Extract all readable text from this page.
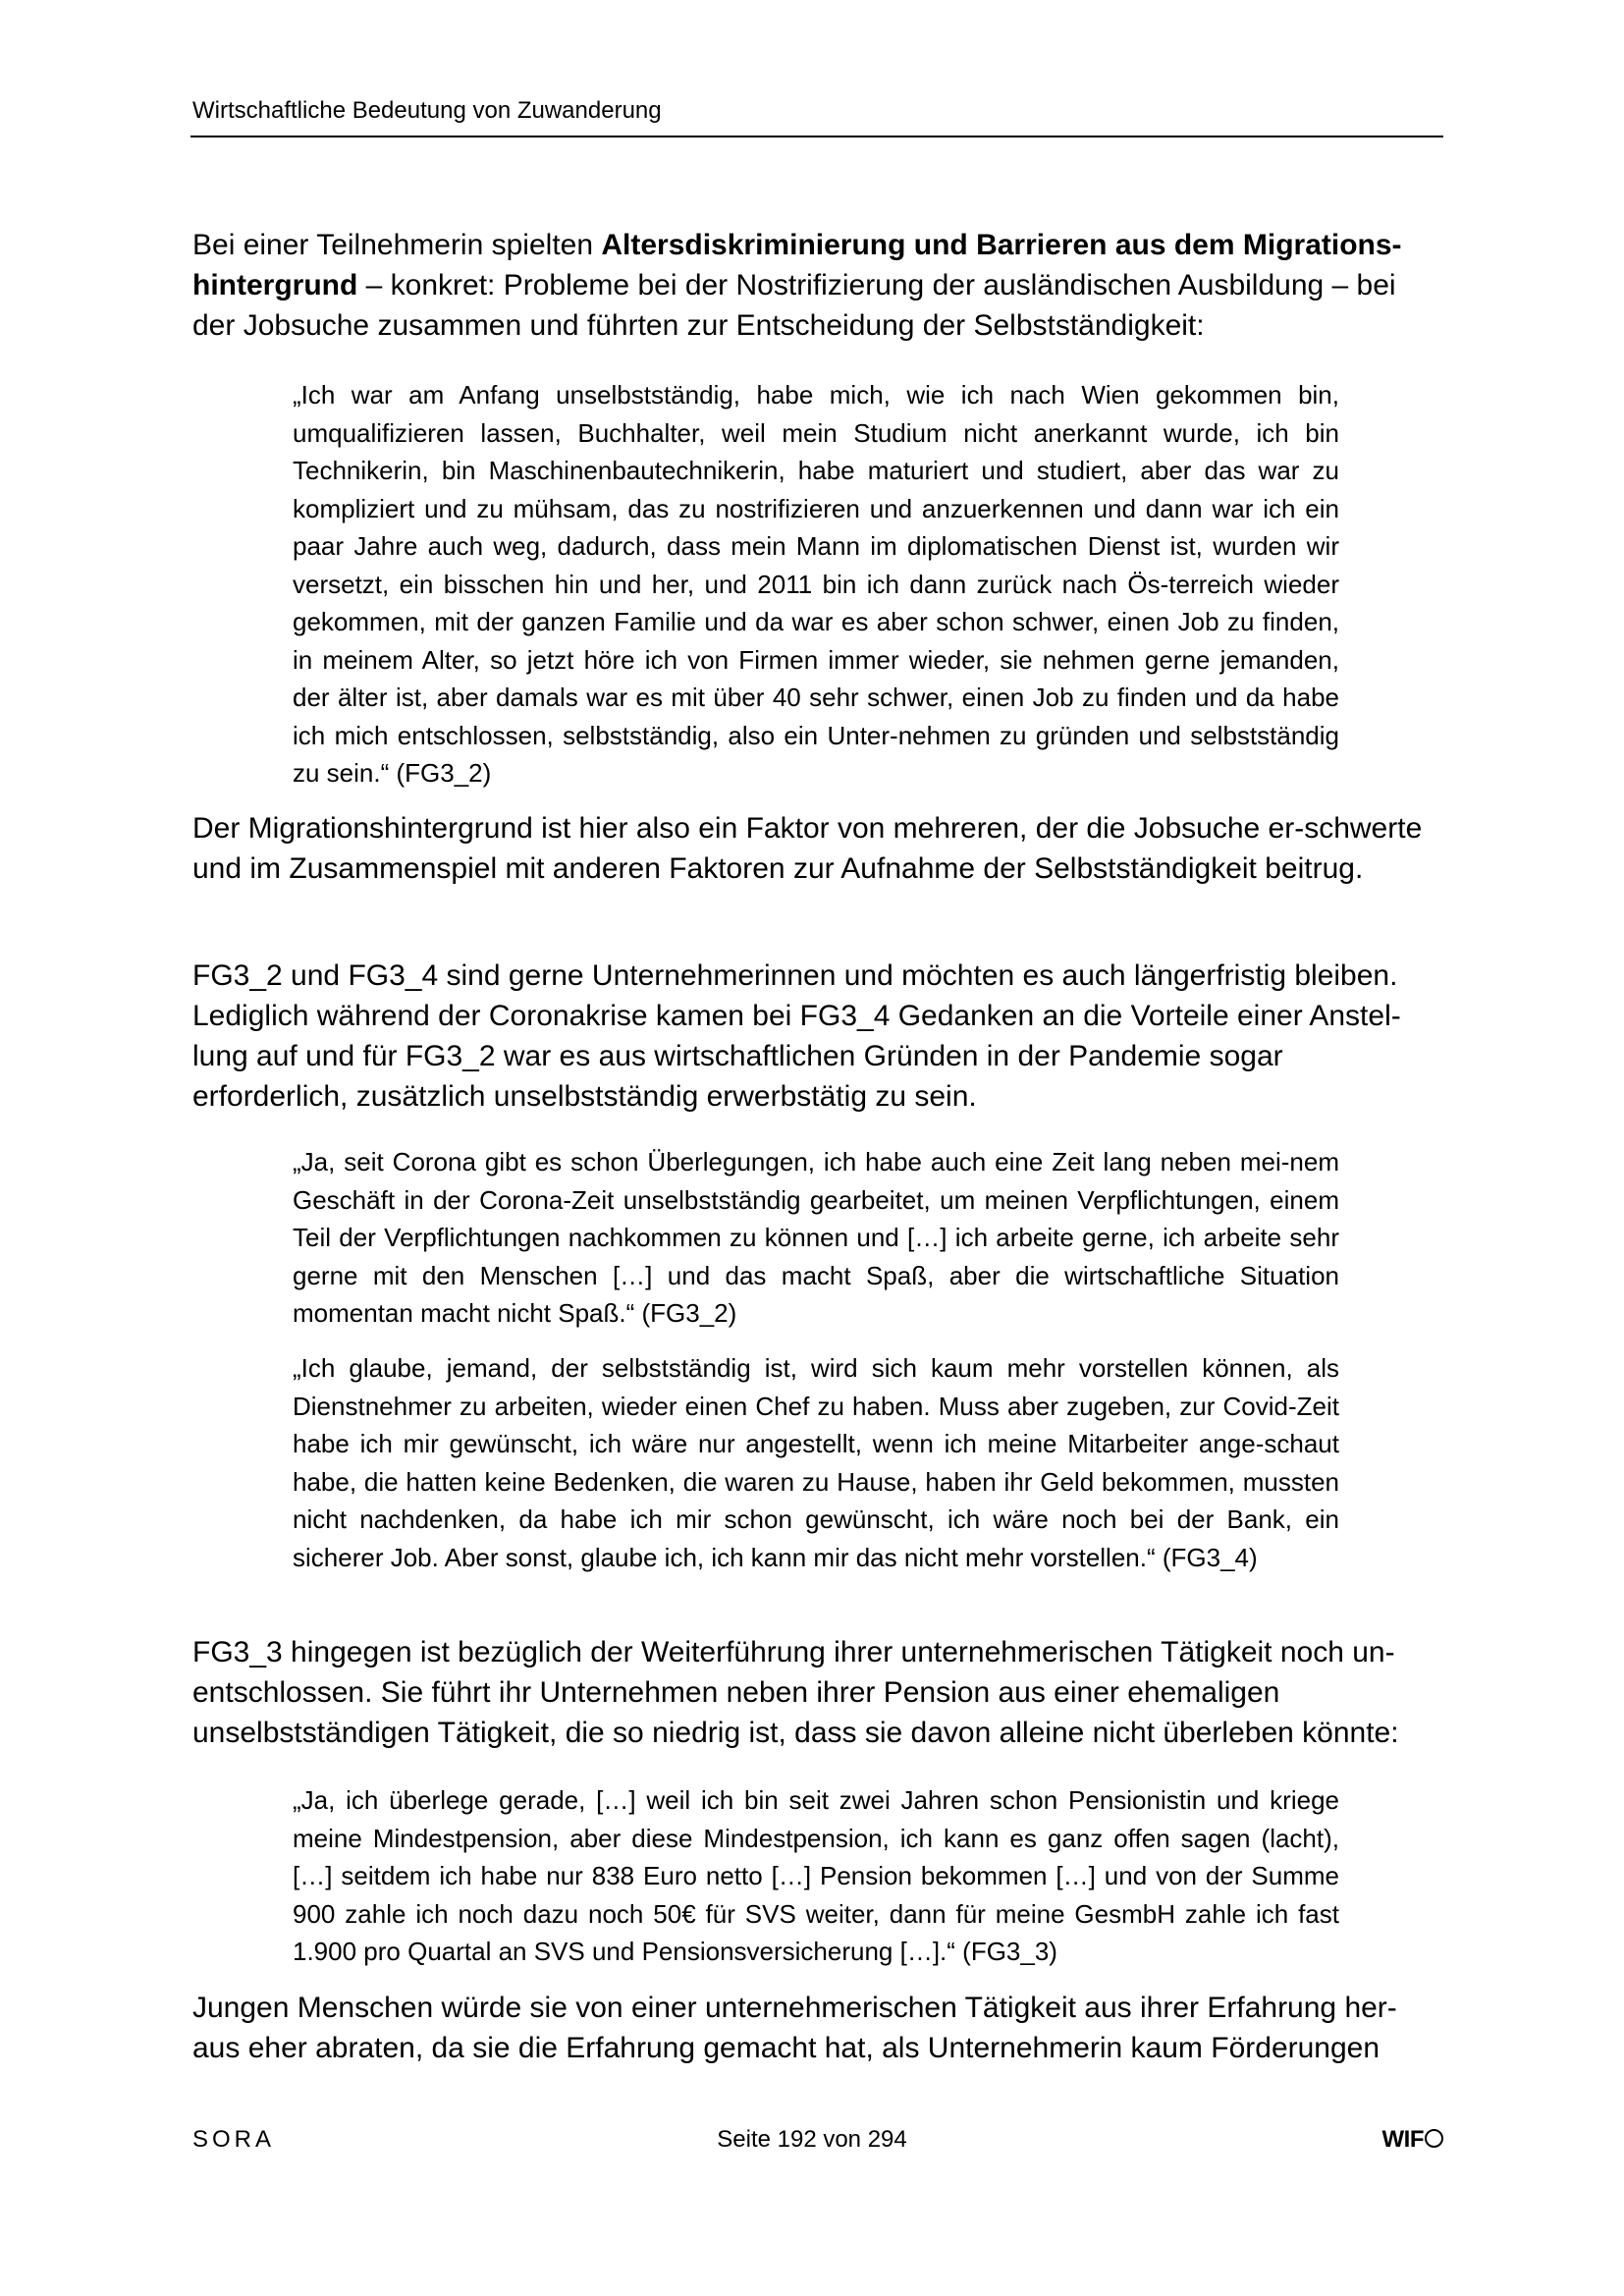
Wirtschaftliche Bedeutung von Zuwanderung

Bei einer Teilnehmerin spielten Altersdiskriminierung und Barrieren aus dem Migrations-hintergrund – konkret: Probleme bei der Nostrifizierung der ausländischen Ausbildung – bei der Jobsuche zusammen und führten zur Entscheidung der Selbstständigkeit:

„Ich war am Anfang unselbstständig, habe mich, wie ich nach Wien gekommen bin, umqualifizieren lassen, Buchhalter, weil mein Studium nicht anerkannt wurde, ich bin Technikerin, bin Maschinenbautechnikerin, habe maturiert und studiert, aber das war zu kompliziert und zu mühsam, das zu nostrifizieren und anzuerkennen und dann war ich ein paar Jahre auch weg, dadurch, dass mein Mann im diplomatischen Dienst ist, wurden wir versetzt, ein bisschen hin und her, und 2011 bin ich dann zurück nach Ös-terreich wieder gekommen, mit der ganzen Familie und da war es aber schon schwer, einen Job zu finden, in meinem Alter, so jetzt höre ich von Firmen immer wieder, sie nehmen gerne jemanden, der älter ist, aber damals war es mit über 40 sehr schwer, einen Job zu finden und da habe ich mich entschlossen, selbstständig, also ein Unter-nehmen zu gründen und selbstständig zu sein.“ (FG3_2)

Der Migrationshintergrund ist hier also ein Faktor von mehreren, der die Jobsuche er-schwerte und im Zusammenspiel mit anderen Faktoren zur Aufnahme der Selbstständigkeit beitrug.

FG3_2 und FG3_4 sind gerne Unternehmerinnen und möchten es auch längerfristig bleiben. Lediglich während der Coronakrise kamen bei FG3_4 Gedanken an die Vorteile einer Anstel-lung auf und für FG3_2 war es aus wirtschaftlichen Gründen in der Pandemie sogar erforderlich, zusätzlich unselbstständig erwerbstätig zu sein.

„Ja, seit Corona gibt es schon Überlegungen, ich habe auch eine Zeit lang neben mei-nem Geschäft in der Corona-Zeit unselbstständig gearbeitet, um meinen Verpflichtungen, einem Teil der Verpflichtungen nachkommen zu können und […] ich arbeite gerne, ich arbeite sehr gerne mit den Menschen […] und das macht Spaß, aber die wirtschaftliche Situation momentan macht nicht Spaß.“ (FG3_2)

„Ich glaube, jemand, der selbstständig ist, wird sich kaum mehr vorstellen können, als Dienstnehmer zu arbeiten, wieder einen Chef zu haben. Muss aber zugeben, zur Covid-Zeit habe ich mir gewünscht, ich wäre nur angestellt, wenn ich meine Mitarbeiter ange-schaut habe, die hatten keine Bedenken, die waren zu Hause, haben ihr Geld bekommen, mussten nicht nachdenken, da habe ich mir schon gewünscht, ich wäre noch bei der Bank, ein sicherer Job. Aber sonst, glaube ich, ich kann mir das nicht mehr vorstellen.“ (FG3_4)

FG3_3 hingegen ist bezüglich der Weiterführung ihrer unternehmerischen Tätigkeit noch un-entschlossen. Sie führt ihr Unternehmen neben ihrer Pension aus einer ehemaligen unselbstständigen Tätigkeit, die so niedrig ist, dass sie davon alleine nicht überleben könnte:

„Ja, ich überlege gerade, […] weil ich bin seit zwei Jahren schon Pensionistin und kriege meine Mindestpension, aber diese Mindestpension, ich kann es ganz offen sagen (lacht), […] seitdem ich habe nur 838 Euro netto […] Pension bekommen […] und von der Summe 900 zahle ich noch dazu noch 50€ für SVS weiter, dann für meine GesmbH zahle ich fast 1.900 pro Quartal an SVS und Pensionsversicherung […].“ (FG3_3)

Jungen Menschen würde sie von einer unternehmerischen Tätigkeit aus ihrer Erfahrung her-aus eher abraten, da sie die Erfahrung gemacht hat, als Unternehmerin kaum Förderungen

SORA	Seite 192 von 294	WIF
